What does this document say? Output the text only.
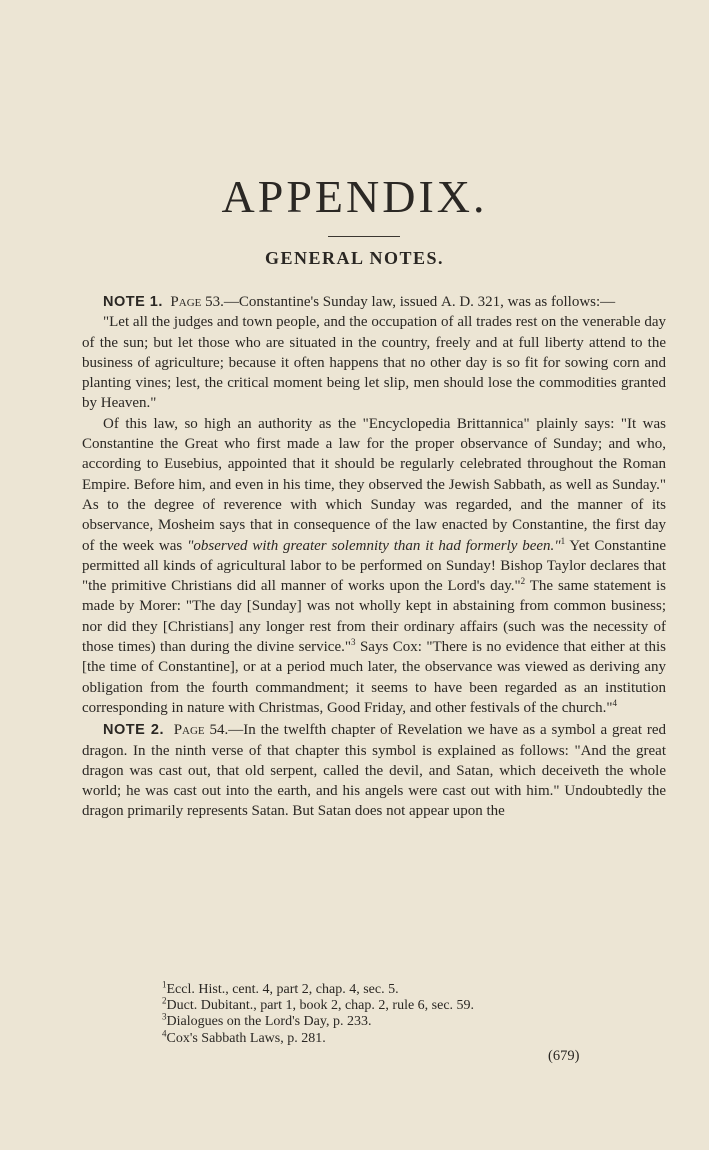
APPENDIX.
GENERAL NOTES.

NOTE 1. Page 53.—Constantine's Sunday law, issued A. D. 321, was as follows:—

"Let all the judges and town people, and the occupation of all trades rest on the venerable day of the sun; but let those who are situated in the country, freely and at full liberty attend to the business of agriculture; because it often happens that no other day is so fit for sowing corn and planting vines; lest, the critical moment being let slip, men should lose the commodities granted by Heaven."

Of this law, so high an authority as the "Encyclopedia Brittannica" plainly says: "It was Constantine the Great who first made a law for the proper observance of Sunday; and who, according to Eusebius, appointed that it should be regularly celebrated throughout the Roman Empire. Before him, and even in his time, they observed the Jewish Sabbath, as well as Sunday." As to the degree of reverence with which Sunday was regarded, and the manner of its observance, Mosheim says that in consequence of the law enacted by Constantine, the first day of the week was "observed with greater solemnity than it had formerly been."$^1$ Yet Constantine permitted all kinds of agricultural labor to be performed on Sunday! Bishop Taylor declares that "the primitive Christians did all manner of works upon the Lord's day."$^2$ The same statement is made by Morer: "The day [Sunday] was not wholly kept in abstaining from common business; nor did they [Christians] any longer rest from their ordinary affairs (such was the necessity of those times) than during the divine service."$^3$ Says Cox: "There is no evidence that either at this [the time of Constantine], or at a period much later, the observance was viewed as deriving any obligation from the fourth commandment; it seems to have been regarded as an institution corresponding in nature with Christmas, Good Friday, and other festivals of the church."$^4$

NOTE 2. Page 54.—In the twelfth chapter of Revelation we have as a symbol a great red dragon. In the ninth verse of that chapter this symbol is explained as follows: "And the great dragon was cast out, that old serpent, called the devil, and Satan, which deceiveth the whole world; he was cast out into the earth, and his angels were cast out with him." Undoubtedly the dragon primarily represents Satan. But Satan does not appear upon the

$^1$Eccl. Hist., cent. 4, part 2, chap. 4, sec. 5.
$^2$Duct. Dubitant., part 1, book 2, chap. 2, rule 6, sec. 59.
$^3$Dialogues on the Lord's Day, p. 233.
$^4$Cox's Sabbath Laws, p. 281.
(679)
